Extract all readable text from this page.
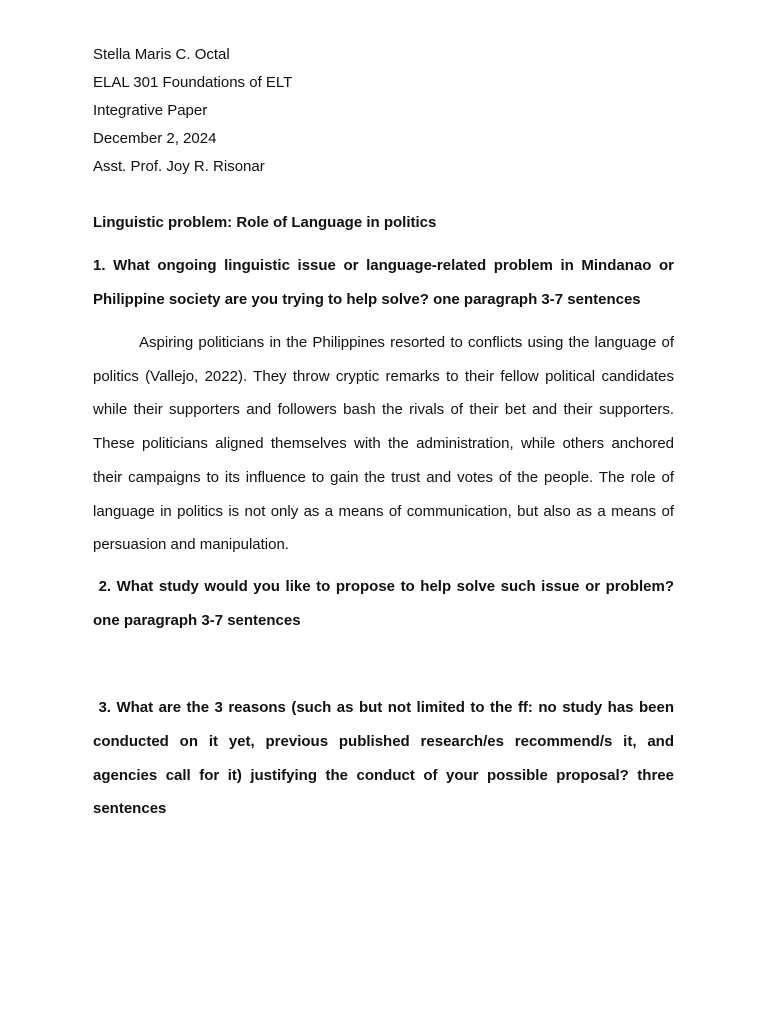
Stella Maris C. Octal
ELAL 301 Foundations of ELT
Integrative Paper
December 2, 2024
Asst. Prof. Joy R. Risonar
Linguistic problem: Role of Language in politics
1. What ongoing linguistic issue or language-related problem in Mindanao or Philippine society are you trying to help solve? one paragraph 3-7 sentences

Aspiring politicians in the Philippines resorted to conflicts using the language of politics (Vallejo, 2022). They throw cryptic remarks to their fellow political candidates while their supporters and followers bash the rivals of their bet and their supporters. These politicians aligned themselves with the administration, while others anchored their campaigns to its influence to gain the trust and votes of the people. The role of language in politics is not only as a means of communication, but also as a means of persuasion and manipulation.

2. What study would you like to propose to help solve such issue or problem? one paragraph 3-7 sentences
3. What are the 3 reasons (such as but not limited to the ff: no study has been conducted on it yet, previous published research/es recommend/s it, and agencies call for it) justifying the conduct of your possible proposal? three sentences
